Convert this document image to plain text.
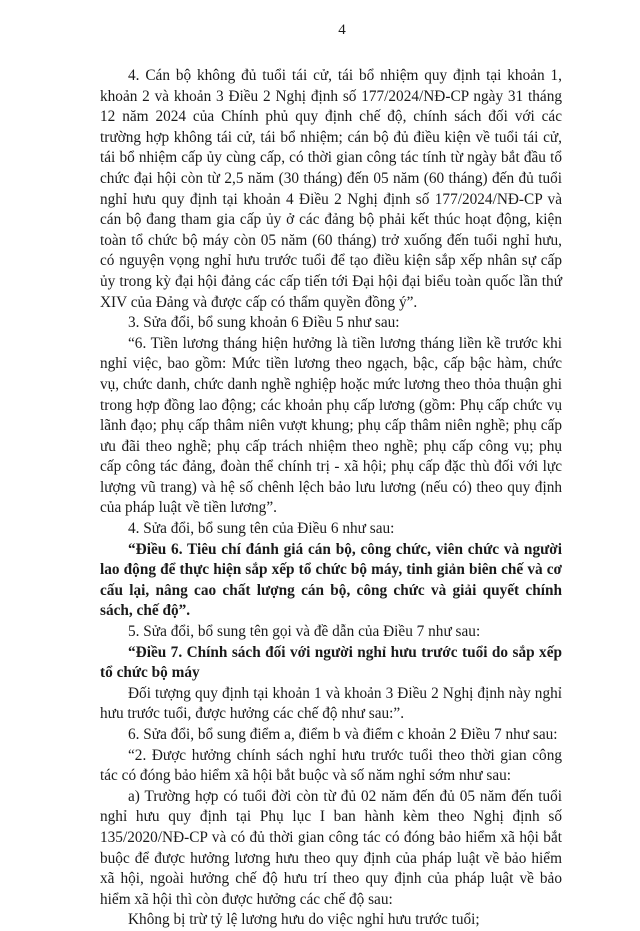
4

4. Cán bộ không đủ tuổi tái cử, tái bổ nhiệm quy định tại khoản 1, khoản 2 và khoản 3 Điều 2 Nghị định số 177/2024/NĐ-CP ngày 31 tháng 12 năm 2024 của Chính phủ quy định chế độ, chính sách đối với các trường hợp không tái cử, tái bổ nhiệm; cán bộ đủ điều kiện về tuổi tái cử, tái bổ nhiệm cấp ủy cùng cấp, có thời gian công tác tính từ ngày bắt đầu tổ chức đại hội còn từ 2,5 năm (30 tháng) đến 05 năm (60 tháng) đến đủ tuổi nghỉ hưu quy định tại khoản 4 Điều 2 Nghị định số 177/2024/NĐ-CP và cán bộ đang tham gia cấp ủy ở các đảng bộ phải kết thúc hoạt động, kiện toàn tổ chức bộ máy còn 05 năm (60 tháng) trở xuống đến tuổi nghỉ hưu, có nguyện vọng nghỉ hưu trước tuổi để tạo điều kiện sắp xếp nhân sự cấp ủy trong kỳ đại hội đảng các cấp tiến tới Đại hội đại biểu toàn quốc lần thứ XIV của Đảng và được cấp có thẩm quyền đồng ý”.

3. Sửa đổi, bổ sung khoản 6 Điều 5 như sau:

“6. Tiền lương tháng hiện hưởng là tiền lương tháng liền kề trước khi nghỉ việc, bao gồm: Mức tiền lương theo ngạch, bậc, cấp bậc hàm, chức vụ, chức danh, chức danh nghề nghiệp hoặc mức lương theo thỏa thuận ghi trong hợp đồng lao động; các khoản phụ cấp lương (gồm: Phụ cấp chức vụ lãnh đạo; phụ cấp thâm niên vượt khung; phụ cấp thâm niên nghề; phụ cấp ưu đãi theo nghề; phụ cấp trách nhiệm theo nghề; phụ cấp công vụ; phụ cấp công tác đảng, đoàn thể chính trị - xã hội; phụ cấp đặc thù đối với lực lượng vũ trang) và hệ số chênh lệch bảo lưu lương (nếu có) theo quy định của pháp luật về tiền lương”.

4. Sửa đổi, bổ sung tên của Điều 6 như sau:

“Điều 6. Tiêu chí đánh giá cán bộ, công chức, viên chức và người lao động để thực hiện sắp xếp tổ chức bộ máy, tinh giản biên chế và cơ cấu lại, nâng cao chất lượng cán bộ, công chức và giải quyết chính sách, chế độ”.

5. Sửa đổi, bổ sung tên gọi và đề dẫn của Điều 7 như sau:

“Điều 7. Chính sách đối với người nghỉ hưu trước tuổi do sắp xếp tổ chức bộ máy

Đối tượng quy định tại khoản 1 và khoản 3 Điều 2 Nghị định này nghỉ hưu trước tuổi, được hưởng các chế độ như sau:”.

6. Sửa đổi, bổ sung điểm a, điểm b và điểm c khoản 2 Điều 7 như sau:

“2. Được hưởng chính sách nghỉ hưu trước tuổi theo thời gian công tác có đóng bảo hiểm xã hội bắt buộc và số năm nghỉ sớm như sau:

a) Trường hợp có tuổi đời còn từ đủ 02 năm đến đủ 05 năm đến tuổi nghỉ hưu quy định tại Phụ lục I ban hành kèm theo Nghị định số 135/2020/NĐ-CP và có đủ thời gian công tác có đóng bảo hiểm xã hội bắt buộc để được hưởng lương hưu theo quy định của pháp luật về bảo hiểm xã hội, ngoài hưởng chế độ hưu trí theo quy định của pháp luật về bảo hiểm xã hội thì còn được hưởng các chế độ sau:

Không bị trừ tỷ lệ lương hưu do việc nghỉ hưu trước tuổi;
